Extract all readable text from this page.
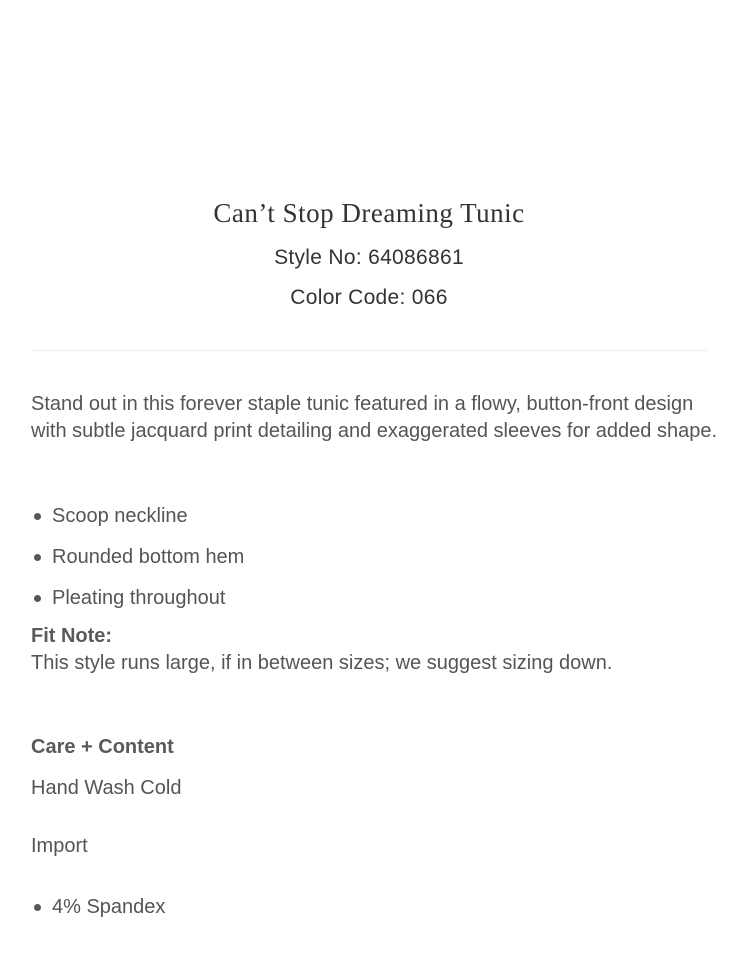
Can’t Stop Dreaming Tunic
Style No: 64086861
Color Code: 066
Stand out in this forever staple tunic featured in a flowy, button-front design with subtle jacquard print detailing and exaggerated sleeves for added shape.
Scoop neckline
Rounded bottom hem
Pleating throughout
Fit Note:
This style runs large, if in between sizes; we suggest sizing down.
Care + Content
Hand Wash Cold
Import
4% Spandex
